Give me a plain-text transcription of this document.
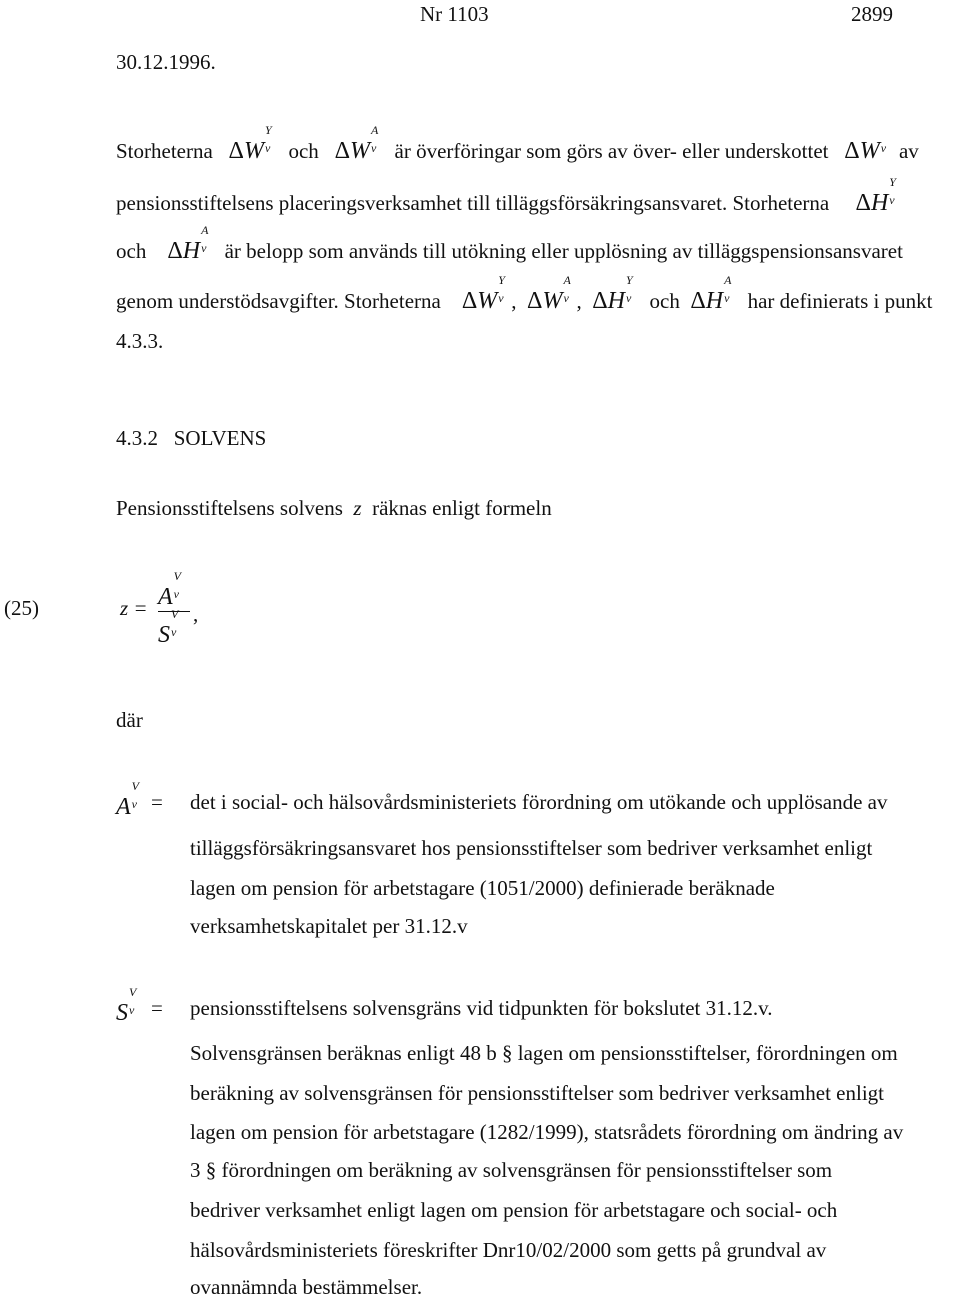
Nr 1103	2899
30.12.1996.
Storheterna ΔW
Y
v och ΔW
A
v är överföringar som görs av över- eller underskottet ΔW v av
pensionsstiftelsens placeringsverksamhet till tilläggsförsäkringsansvaret. Storheterna ΔH
Y
v
och ΔH
A
v är belopp som används till utökning eller upplösning av tilläggspensionsansvaret
genom understödsavgifter. Storheterna ΔW
Y
v , ΔW
A
v , ΔH
Y
v och ΔH
A
v har definierats i punkt
4.3.3.
4.3.2 SOLVENS
Pensionsstiftelsens solvens z räknas enligt formeln
(25)	z = A
V
v
S
V
v
,
där
A
V
v = det i social- och hälsovårdsministeriets förordning om utökande och upplösande av
tilläggsförsäkringsansvaret hos pensionsstiftelser som bedriver verksamhet enligt
lagen om pension för arbetstagare (1051/2000) definierade beräknade
verksamhetskapitalet per 31.12.v
S
V
v = pensionsstiftelsens solvensgräns vid tidpunkten för bokslutet 31.12.v.
Solvensgränsen beräknas enligt 48 b § lagen om pensionsstiftelser, förordningen om
beräkning av solvensgränsen för pensionsstiftelser som bedriver verksamhet enligt
lagen om pension för arbetstagare (1282/1999), statsrådets förordning om ändring av
3 § förordningen om beräkning av solvensgränsen för pensionsstiftelser som
bedriver verksamhet enligt lagen om pension för arbetstagare och social- och
hälsovårdsministeriets föreskrifter Dnr10/02/2000 som getts på grundval av
ovannämnda bestämmelser.
